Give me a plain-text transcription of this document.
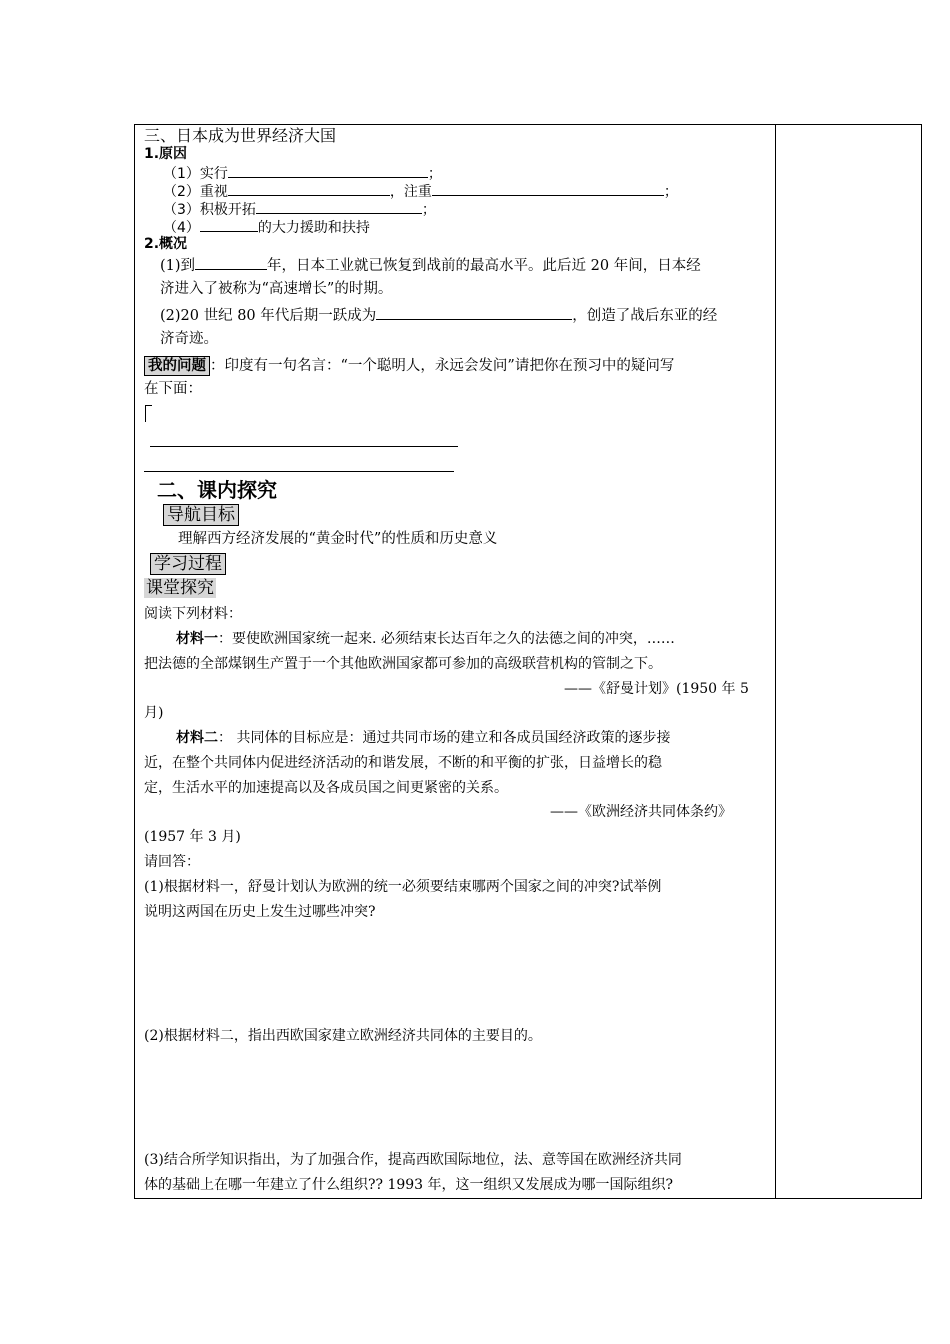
三、日本成为世界经济大国
1.原因
（1）实行	；
（2）重视	，注重	；
（3）积极开拓	；
（4）	的大力援助和扶持
2.概况
(1)到	年，日本工业就已恢复到战前的最高水平。此后近 20 年间，日本经
济进入了被称为“高速增长”的时期。
(2)20 世纪 80 年代后期一跃成为	，创造了战后东亚的经
济奇迹。
我的问题 ：印度有一句名言：“一个聪明人，永远会发问”请把你在预习中的疑问写
在下面：
二、课内探究
导航目标
理解西方经济发展的“黄金时代”的性质和历史意义
学习过程
课堂探究
阅读下列材料：
材料一：要使欧洲国家统一起来. 必须结束长达百年之久的法德之间的冲突，……
把法德的全部煤钢生产置于一个其他欧洲国家都可参加的高级联营机构的管制之下。
——《舒曼计划》(1950 年 5
月)
材料二： 共同体的目标应是：通过共同市场的建立和各成员国经济政策的逐步接
近，在整个共同体内促进经济活动的和谐发展，不断的和平衡的扩张，日益增长的稳
定，生活水平的加速提高以及各成员国之间更紧密的关系。
——《欧洲经济共同体条约》
(1957 年 3 月)
请回答：
(1)根据材料一，舒曼计划认为欧洲的统一必须要结束哪两个国家之间的冲突?试举例
说明这两国在历史上发生过哪些冲突?
(2)根据材料二，指出西欧国家建立欧洲经济共同体的主要目的。
(3)结合所学知识指出，为了加强合作，提高西欧国际地位，法、意等国在欧洲经济共同
体的基础上在哪一年建立了什么组织?? 1993 年，这一组织又发展成为哪一国际组织?
